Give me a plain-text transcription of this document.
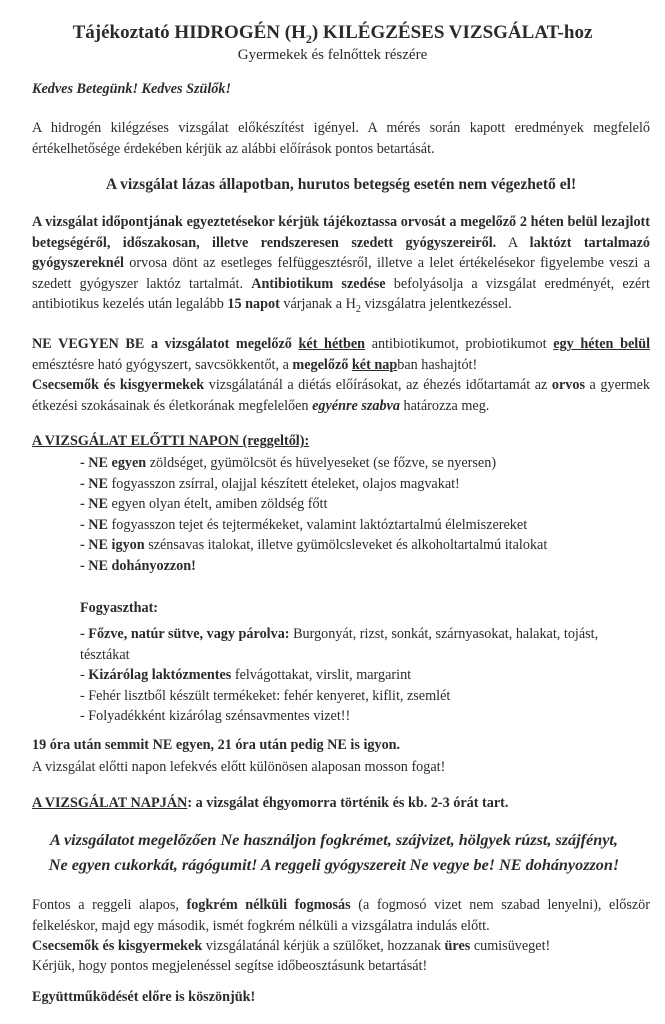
Tájékoztató HIDROGÉN $(H_2)$ KILÉGZÉSES VIZSGÁLAT-hoz
Gyermekek és felnőttek részére

Kedves Betegünk! Kedves Szülők!

A hidrogén kilégzéses vizsgálat előkészítést igényel. A mérés során kapott eredmények megfelelő értékelhetősége érdekében kérjük az alábbi előírások pontos betartását.

A vizsgálat lázas állapotban, hurutos betegség esetén nem végezhető el!

A vizsgálat időpontjának egyeztetésekor kérjük tájékoztassa orvosát a megelőző 2 héten belül lezajlott betegségéről, időszakosan, illetve rendszeresen szedett gyógyszereiről. A laktózt tartalmazó gyógyszereknél orvosa dönt az esetleges felfüggesztésről, illetve a lelet értékelésekor figyelembe veszi a szedett gyógyszer laktóz tartalmát. Antibiotikum szedése befolyásolja a vizsgálat eredményét, ezért antibiotikus kezelés után legalább 15 napot várjanak a $H_2$ vizsgálatra jelentkezéssel.

NE VEGYEN BE a vizsgálatot megelőző két hétben antibiotikumot, probiotikumot egy héten belül emésztésre ható gyógyszert, savcsökkentőt, a megelőző két napban hashajtót!

Csecsemők és kisgyermekek vizsgálatánál a diétás előírásokat, az éhezés időtartamát az orvos a gyermek étkezési szokásainak és életkorának megfelelően egyénre szabva határozza meg.

A VIZSGÁLAT ELŐTTI NAPON (reggeltől):

- NE egyen zöldséget, gyümölcsöt és hüvelyeseket (se főzve, se nyersen)
- NE fogyasszon zsírral, olajjal készített ételeket, olajos magvakat!
- NE egyen olyan ételt, amiben zöldség főtt
- NE fogyasszon tejet és tejtermékeket, valamint laktóztartalmú élelmiszereket
- NE igyon szénsavas italokat, illetve gyümölcsleveket és alkoholtartalmú italokat
- NE dohányozzon!

Fogyaszthat:

- Főzve, natúr sütve, vagy párolva: Burgonyát, rizst, sonkát, szárnyasokat, halakat, tojást, tésztákat
- Kizárólag laktózmentes felvágottakat, virslit, margarint
- Fehér lisztből készült termékeket: fehér kenyeret, kiflit, zsemlét
- Folyadékként kizárólag szénsavmentes vizet!!

19 óra után semmit NE egyen, 21 óra után pedig NE is igyon.

A vizsgálat előtti napon lefekvés előtt különösen alaposan mosson fogat!

A VIZSGÁLAT NAPJÁN: a vizsgálat éhgyomorra történik és kb. 2-3 órát tart.

A vizsgálatot megelőzően Ne használjon fogkrémet, szájvizet, hölgyek rúzst, szájfényt,

Ne egyen cukorkát, rágógumit! A reggeli gyógyszereit Ne vegye be! NE dohányozzon!

Fontos a reggeli alapos, fogkrém nélküli fogmosás (a fogmosó vizet nem szabad lenyelni), először felkeléskor, majd egy második, ismét fogkrém nélküli a vizsgálatra indulás előtt.

Csecsemők és kisgyermekek vizsgálatánál kérjük a szülőket, hozzanak üres cumisüveget!

Kérjük, hogy pontos megjelenéssel segítse időbeosztásunk betartását!

Együttműködését előre is köszönjük!
